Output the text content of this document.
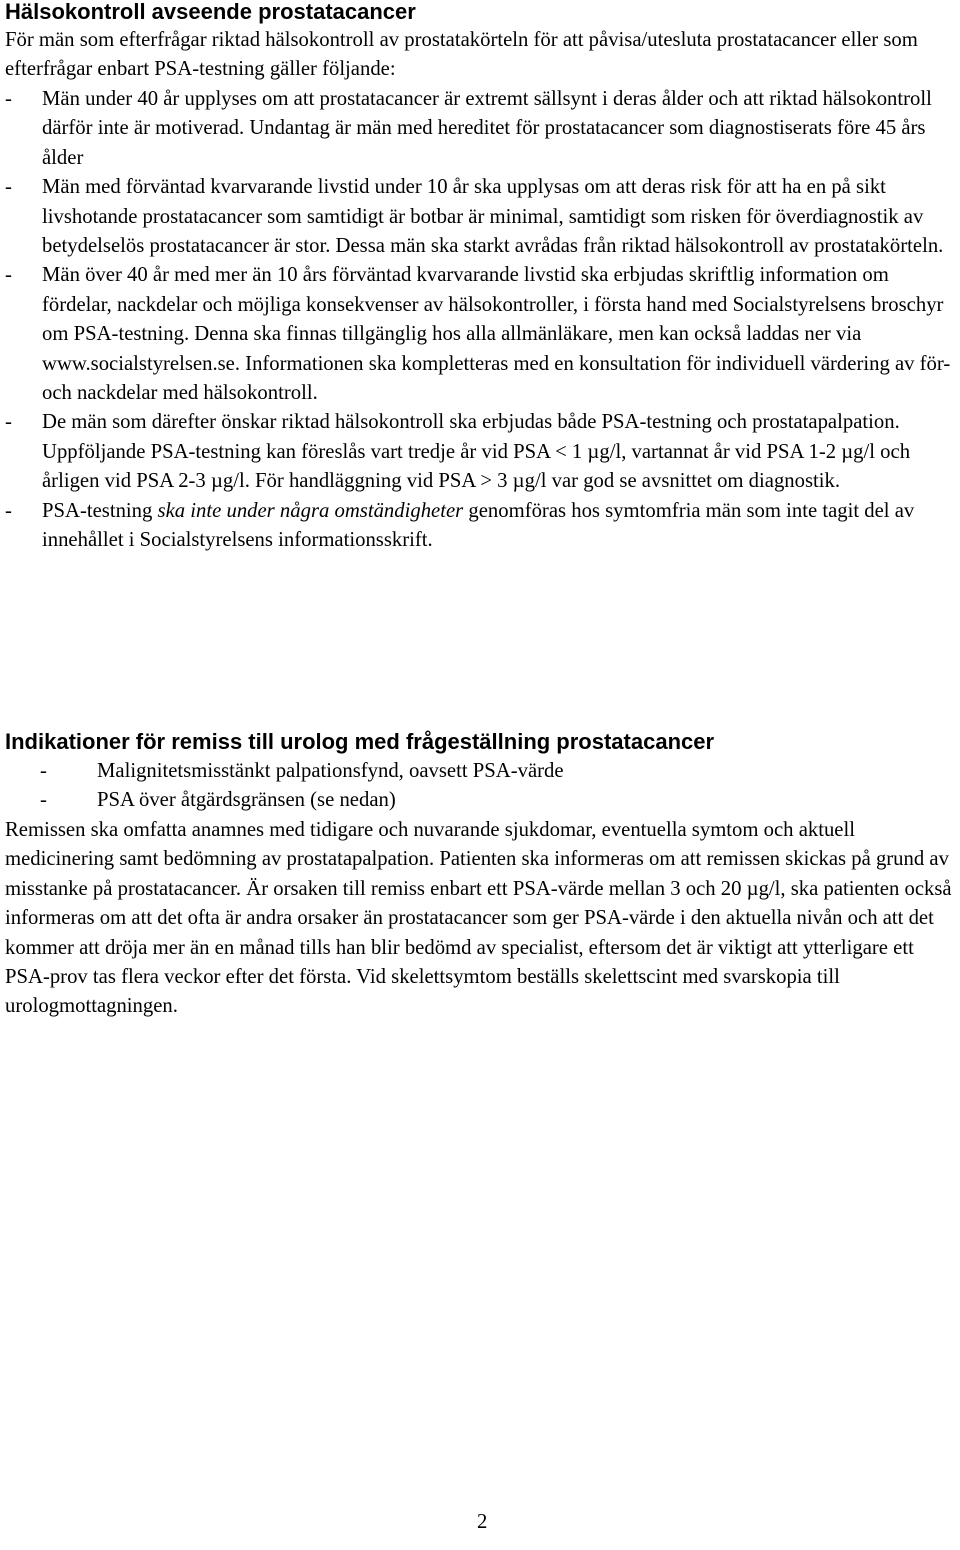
Hälsokontroll avseende prostatacancer

För män som efterfrågar riktad hälsokontroll av prostatakörteln för att påvisa/utesluta prostatacancer eller som efterfrågar enbart PSA-testning gäller följande:

- Män under 40 år upplyses om att prostatacancer är extremt sällsynt i deras ålder och att riktad hälsokontroll därför inte är motiverad. Undantag är män med hereditet för prostatacancer som diagnostiserats före 45 års ålder
- Män med förväntad kvarvarande livstid under 10 år ska upplysas om att deras risk för att ha en på sikt livshotande prostatacancer som samtidigt är botbar är minimal, samtidigt som risken för överdiagnostik av betydelselös prostatacancer är stor. Dessa män ska starkt avrådas från riktad hälsokontroll av prostatakörteln.
- Män över 40 år med mer än 10 års förväntad kvarvarande livstid ska erbjudas skriftlig information om fördelar, nackdelar och möjliga konsekvenser av hälsokontroller, i första hand med Socialstyrelsens broschyr om PSA-testning. Denna ska finnas tillgänglig hos alla allmänläkare, men kan också laddas ner via www.socialstyrelsen.se. Informationen ska kompletteras med en konsultation för individuell värdering av för- och nackdelar med hälsokontroll.
- De män som därefter önskar riktad hälsokontroll ska erbjudas både PSA-testning och prostatapalpation. Uppföljande PSA-testning kan föreslås vart tredje år vid PSA < 1 µg/l, vartannat år vid PSA 1-2 µg/l och årligen vid PSA 2-3 µg/l. För handläggning vid PSA > 3 µg/l var god se avsnittet om diagnostik.
- PSA-testning ska inte under några omständigheter genomföras hos symtomfria män som inte tagit del av innehållet i Socialstyrelsens informationsskrift.
Indikationer för remiss till urolog med frågeställning prostatacancer
- Malignitetsmisstänkt palpationsfynd, oavsett PSA-värde
- PSA över åtgärdsgränsen (se nedan)

Remissen ska omfatta anamnes med tidigare och nuvarande sjukdomar, eventuella symtom och aktuell medicinering samt bedömning av prostatapalpation. Patienten ska informeras om att remissen skickas på grund av misstanke på prostatacancer. Är orsaken till remiss enbart ett PSA-värde mellan 3 och 20 µg/l, ska patienten också informeras om att det ofta är andra orsaker än prostatacancer som ger PSA-värde i den aktuella nivån och att det kommer att dröja mer än en månad tills han blir bedömd av specialist, eftersom det är viktigt att ytterligare ett PSA-prov tas flera veckor efter det första. Vid skelettsymtom beställs skelettscint med svarskopia till urologmottagningen.

2
